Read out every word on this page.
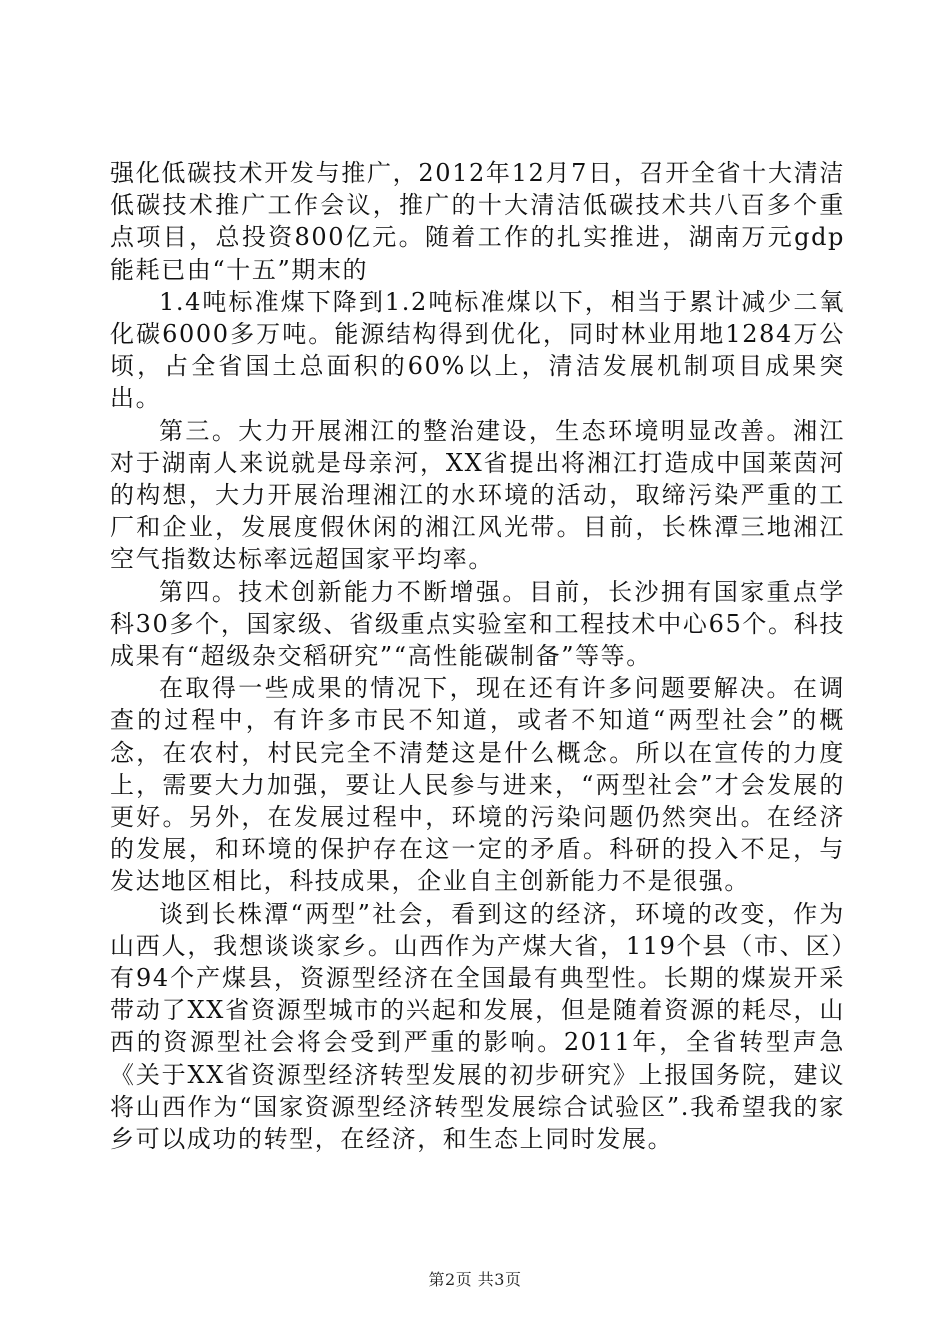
强化低碳技术开发与推广，2012年12月7日，召开全省十大清洁低碳技术推广工作会议，推广的十大清洁低碳技术共八百多个重点项目，总投资800亿元。随着工作的扎实推进，湖南万元gdp能耗已由“十五”期末的

1.4吨标准煤下降到1.2吨标准煤以下，相当于累计减少二氧化碳6000多万吨。能源结构得到优化，同时林业用地1284万公顷，占全省国土总面积的60%以上，清洁发展机制项目成果突出。

第三。大力开展湘江的整治建设，生态环境明显改善。湘江对于湖南人来说就是母亲河，XX省提出将湘江打造成中国莱茵河的构想，大力开展治理湘江的水环境的活动，取缔污染严重的工厂和企业，发展度假休闲的湘江风光带。目前，长株潭三地湘江空气指数达标率远超国家平均率。

第四。技术创新能力不断增强。目前，长沙拥有国家重点学科30多个，国家级、省级重点实验室和工程技术中心65个。科技成果有“超级杂交稻研究”“高性能碳制备”等等。

在取得一些成果的情况下，现在还有许多问题要解决。在调查的过程中，有许多市民不知道，或者不知道“两型社会”的概念，在农村，村民完全不清楚这是什么概念。所以在宣传的力度上，需要大力加强，要让人民参与进来，“两型社会”才会发展的更好。另外，在发展过程中，环境的污染问题仍然突出。在经济的发展，和环境的保护存在这一定的矛盾。科研的投入不足，与发达地区相比，科技成果，企业自主创新能力不是很强。

谈到长株潭“两型”社会，看到这的经济，环境的改变，作为山西人，我想谈谈家乡。山西作为产煤大省，119个县（市、区）有94个产煤县，资源型经济在全国最有典型性。长期的煤炭开采带动了XX省资源型城市的兴起和发展，但是随着资源的耗尽，山西的资源型社会将会受到严重的影响。2011年，全省转型声急《关于XX省资源型经济转型发展的初步研究》上报国务院，建议将山西作为“国家资源型经济转型发展综合试验区”.我希望我的家乡可以成功的转型，在经济，和生态上同时发展。

第2页 共3页
